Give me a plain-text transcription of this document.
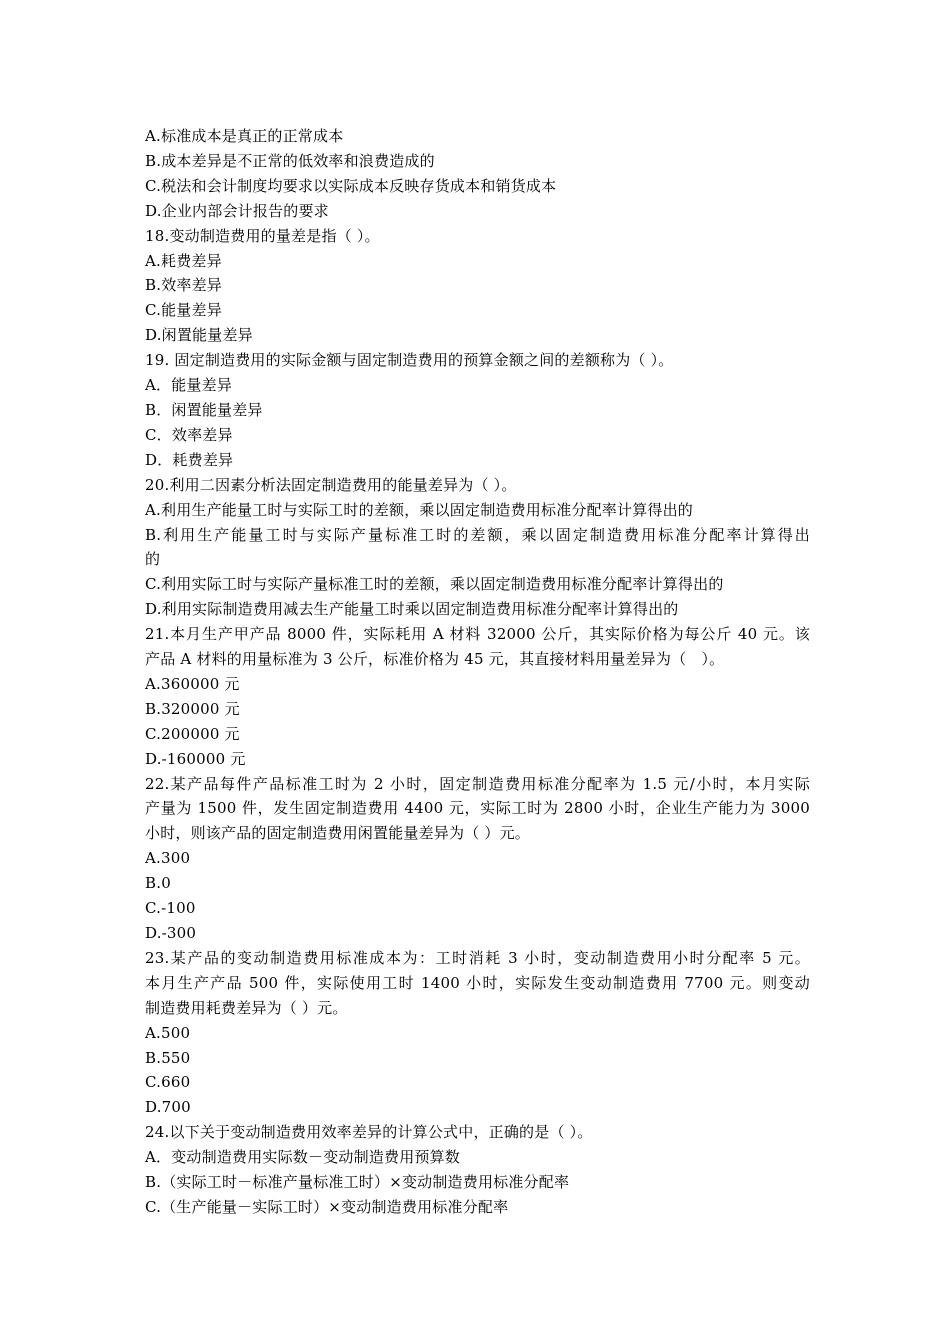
A.标准成本是真正的正常成本
B.成本差异是不正常的低效率和浪费造成的
C.税法和会计制度均要求以实际成本反映存货成本和销货成本
D.企业内部会计报告的要求
18.变动制造费用的量差是指（ ）。
A.耗费差异
B.效率差异
C.能量差异
D.闲置能量差异
19. 固定制造费用的实际金额与固定制造费用的预算金额之间的差额称为（ ）。
A．能量差异
B．闲置能量差异
C．效率差异
D．耗费差异
20.利用二因素分析法固定制造费用的能量差异为（ ）。
A.利用生产能量工时与实际工时的差额，乘以固定制造费用标准分配率计算得出的
B.利用生产能量工时与实际产量标准工时的差额，乘以固定制造费用标准分配率计算得出
的
C.利用实际工时与实际产量标准工时的差额，乘以固定制造费用标准分配率计算得出的
D.利用实际制造费用减去生产能量工时乘以固定制造费用标准分配率计算得出的
21.本月生产甲产品 8000 件，实际耗用 A 材料 32000 公斤，其实际价格为每公斤 40 元。该
产品 A 材料的用量标准为 3 公斤，标准价格为 45 元，其直接材料用量差异为（　）。
A.360000 元
B.320000 元
C.200000 元
D.-160000 元
22.某产品每件产品标准工时为 2 小时，固定制造费用标准分配率为 1.5 元/小时，本月实际
产量为 1500 件，发生固定制造费用 4400 元，实际工时为 2800 小时，企业生产能力为 3000
小时，则该产品的固定制造费用闲置能量差异为（ ）元。
A.300
B.0
C.-100
D.-300
23.某产品的变动制造费用标准成本为：工时消耗 3 小时，变动制造费用小时分配率 5 元。
本月生产产品 500 件，实际使用工时 1400 小时，实际发生变动制造费用 7700 元。则变动
制造费用耗费差异为（ ）元。
A.500
B.550
C.660
D.700
24.以下关于变动制造费用效率差异的计算公式中，正确的是（ ）。
A．变动制造费用实际数－变动制造费用预算数
B.（实际工时－标准产量标准工时）×变动制造费用标准分配率
C.（生产能量－实际工时）×变动制造费用标准分配率
